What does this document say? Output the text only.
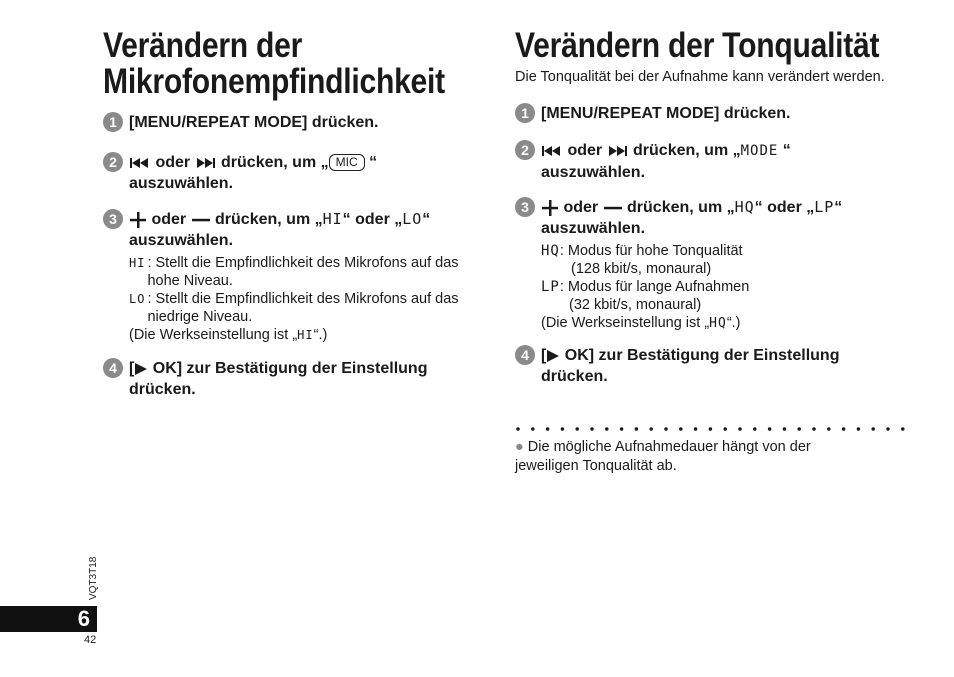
Verändern der
Mikrofonempfindlichkeit
1 [MENU/REPEAT MODE] drücken.
2	oder drücken, um „ MIC “
auszuwählen.
3	oder drücken, um „HI“ oder „LO“
auszuwählen.
HI : Stellt die Empfindlichkeit des Mikrofons auf das hohe Niveau.
LO : Stellt die Empfindlichkeit des Mikrofons auf das niedrige Niveau.
(Die Werkseinstellung ist „HI“.)
4 [ OK] zur Bestätigung der Einstellung
drücken.
Verändern der Tonqualität

Die Tonqualität bei der Aufnahme kann verändert werden.

1 [MENU/REPEAT MODE] drücken.
2	oder drücken, um „MODE “
auszuwählen.
3	oder drücken, um „HQ“ oder „LP“
auszuwählen.
HQ: Modus für hohe Tonqualität
(128 kbit/s, monaural)
LP: Modus für lange Aufnahmen
(32 kbit/s, monaural)
(Die Werkseinstellung ist „HQ“.)
4 [ OK] zur Bestätigung der Einstellung
drücken.
● Die mögliche Aufnahmedauer hängt von der jeweiligen Tonqualität ab.
VQT3T18
6
42
